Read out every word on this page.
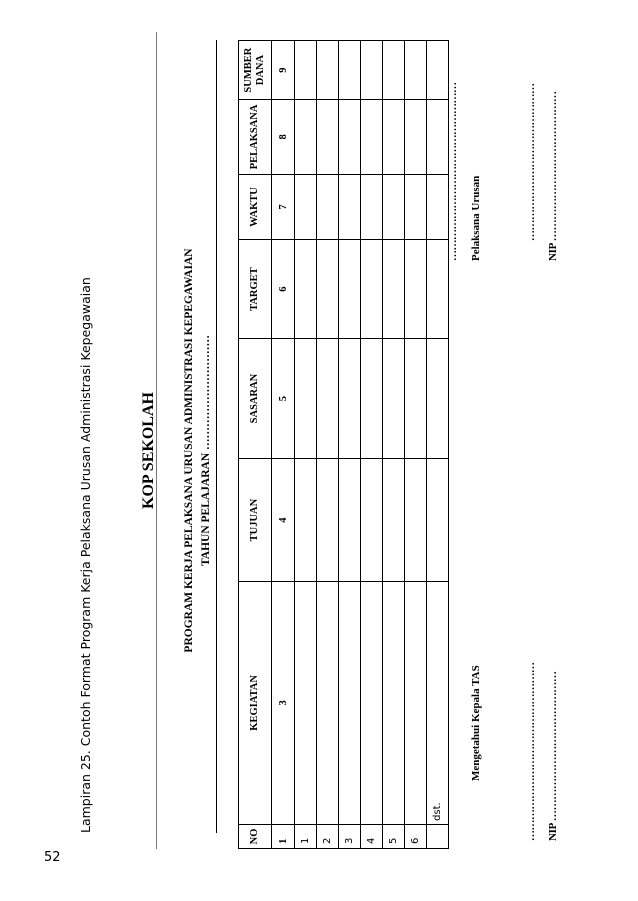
52
Lampiran 25. Contoh Format Program Kerja Pelaksana Urusan Administrasi Kepegawaian	KOP SEKOLAH PROGRAM KERJA PELAKSANA URUSAN ADMINISTRASI KEPEGAWAIAN TAHUN PELAJARAN …………………………
NO	KEGIATAN	TUJUAN	SASARAN	TARGET	WAKTU	PELAKSANA	SUMBER DANA
1	3	4	5	6	7	8	9
1							
2							
3							
4							
5							
6							
	dst.						
……………………………………………
Mengetahui Kepala TAS
Pelaksana Urusan
……………………………………………
………………………………………
NIP ……………………………………
NIP ……………………………………
